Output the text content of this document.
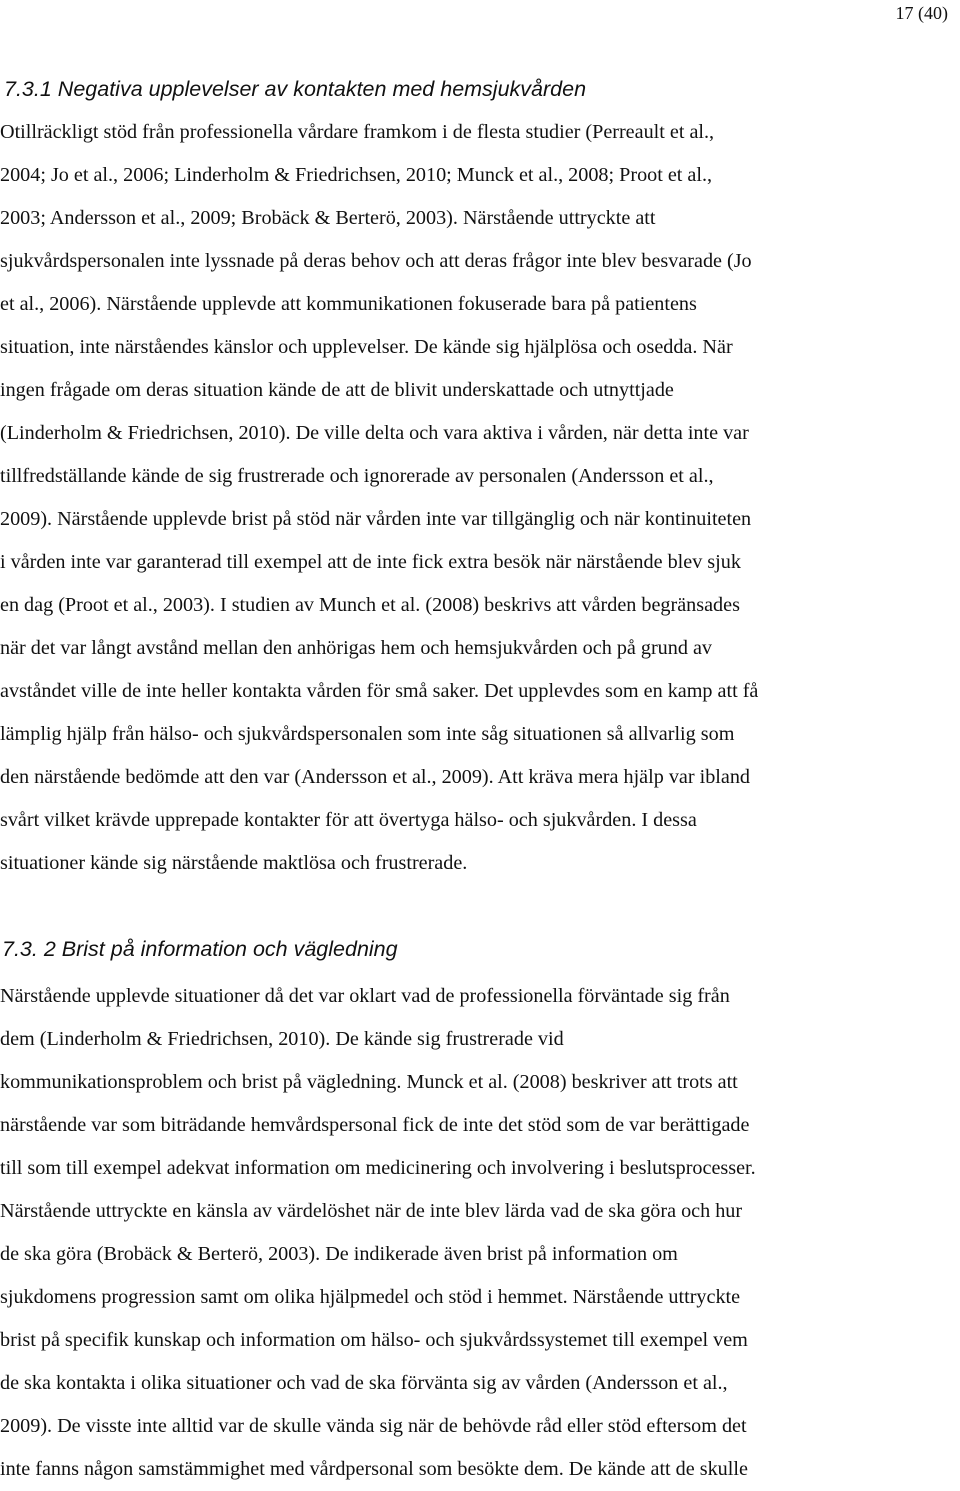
17 (40)
7.3.1 Negativa upplevelser av kontakten med hemsjukvården
Otillräckligt stöd från professionella vårdare framkom i de flesta studier (Perreault et al.,
2004; Jo et al., 2006; Linderholm & Friedrichsen, 2010; Munck et al., 2008; Proot et al.,
2003; Andersson et al., 2009; Brobäck & Berterö, 2003). Närstående uttryckte att
sjukvårdspersonalen inte lyssnade på deras behov och att deras frågor inte blev besvarade (Jo
et al., 2006). Närstående upplevde att kommunikationen fokuserade bara på patientens
situation, inte närståendes känslor och upplevelser. De kände sig hjälplösa och osedda. När
ingen frågade om deras situation kände de att de blivit underskattade och utnyttjade
(Linderholm & Friedrichsen, 2010). De ville delta och vara aktiva i vården, när detta inte var
tillfredställande kände de sig frustrerade och ignorerade av personalen (Andersson et al.,
2009). Närstående upplevde brist på stöd när vården inte var tillgänglig och när kontinuiteten
i vården inte var garanterad till exempel att de inte fick extra besök när närstående blev sjuk
en dag (Proot et al., 2003). I studien av Munch et al. (2008) beskrivs att vården begränsades
när det var långt avstånd mellan den anhörigas hem och hemsjukvården och på grund av
avståndet ville de inte heller kontakta vården för små saker. Det upplevdes som en kamp att få
lämplig hjälp från hälso- och sjukvårdspersonalen som inte såg situationen så allvarlig som
den närstående bedömde att den var (Andersson et al., 2009). Att kräva mera hjälp var ibland
svårt vilket krävde upprepade kontakter för att övertyga hälso- och sjukvården. I dessa
situationer kände sig närstående maktlösa och frustrerade.
7.3. 2 Brist på information och vägledning
Närstående upplevde situationer då det var oklart vad de professionella förväntade sig från
dem (Linderholm & Friedrichsen, 2010). De kände sig frustrerade vid
kommunikationsproblem och brist på vägledning. Munck et al. (2008) beskriver att trots att
närstående var som biträdande hemvårdspersonal fick de inte det stöd som de var berättigade
till som till exempel adekvat information om medicinering och involvering i beslutsprocesser.
Närstående uttryckte en känsla av värdelöshet när de inte blev lärda vad de ska göra och hur
de ska göra (Brobäck & Berterö, 2003). De indikerade även brist på information om
sjukdomens progression samt om olika hjälpmedel och stöd i hemmet. Närstående uttryckte
brist på specifik kunskap och information om hälso- och sjukvårdssystemet till exempel vem
de ska kontakta i olika situationer och vad de ska förvänta sig av vården (Andersson et al.,
2009). De visste inte alltid var de skulle vända sig när de behövde råd eller stöd eftersom det
inte fanns någon samstämmighet med vårdpersonal som besökte dem. De kände att de skulle
